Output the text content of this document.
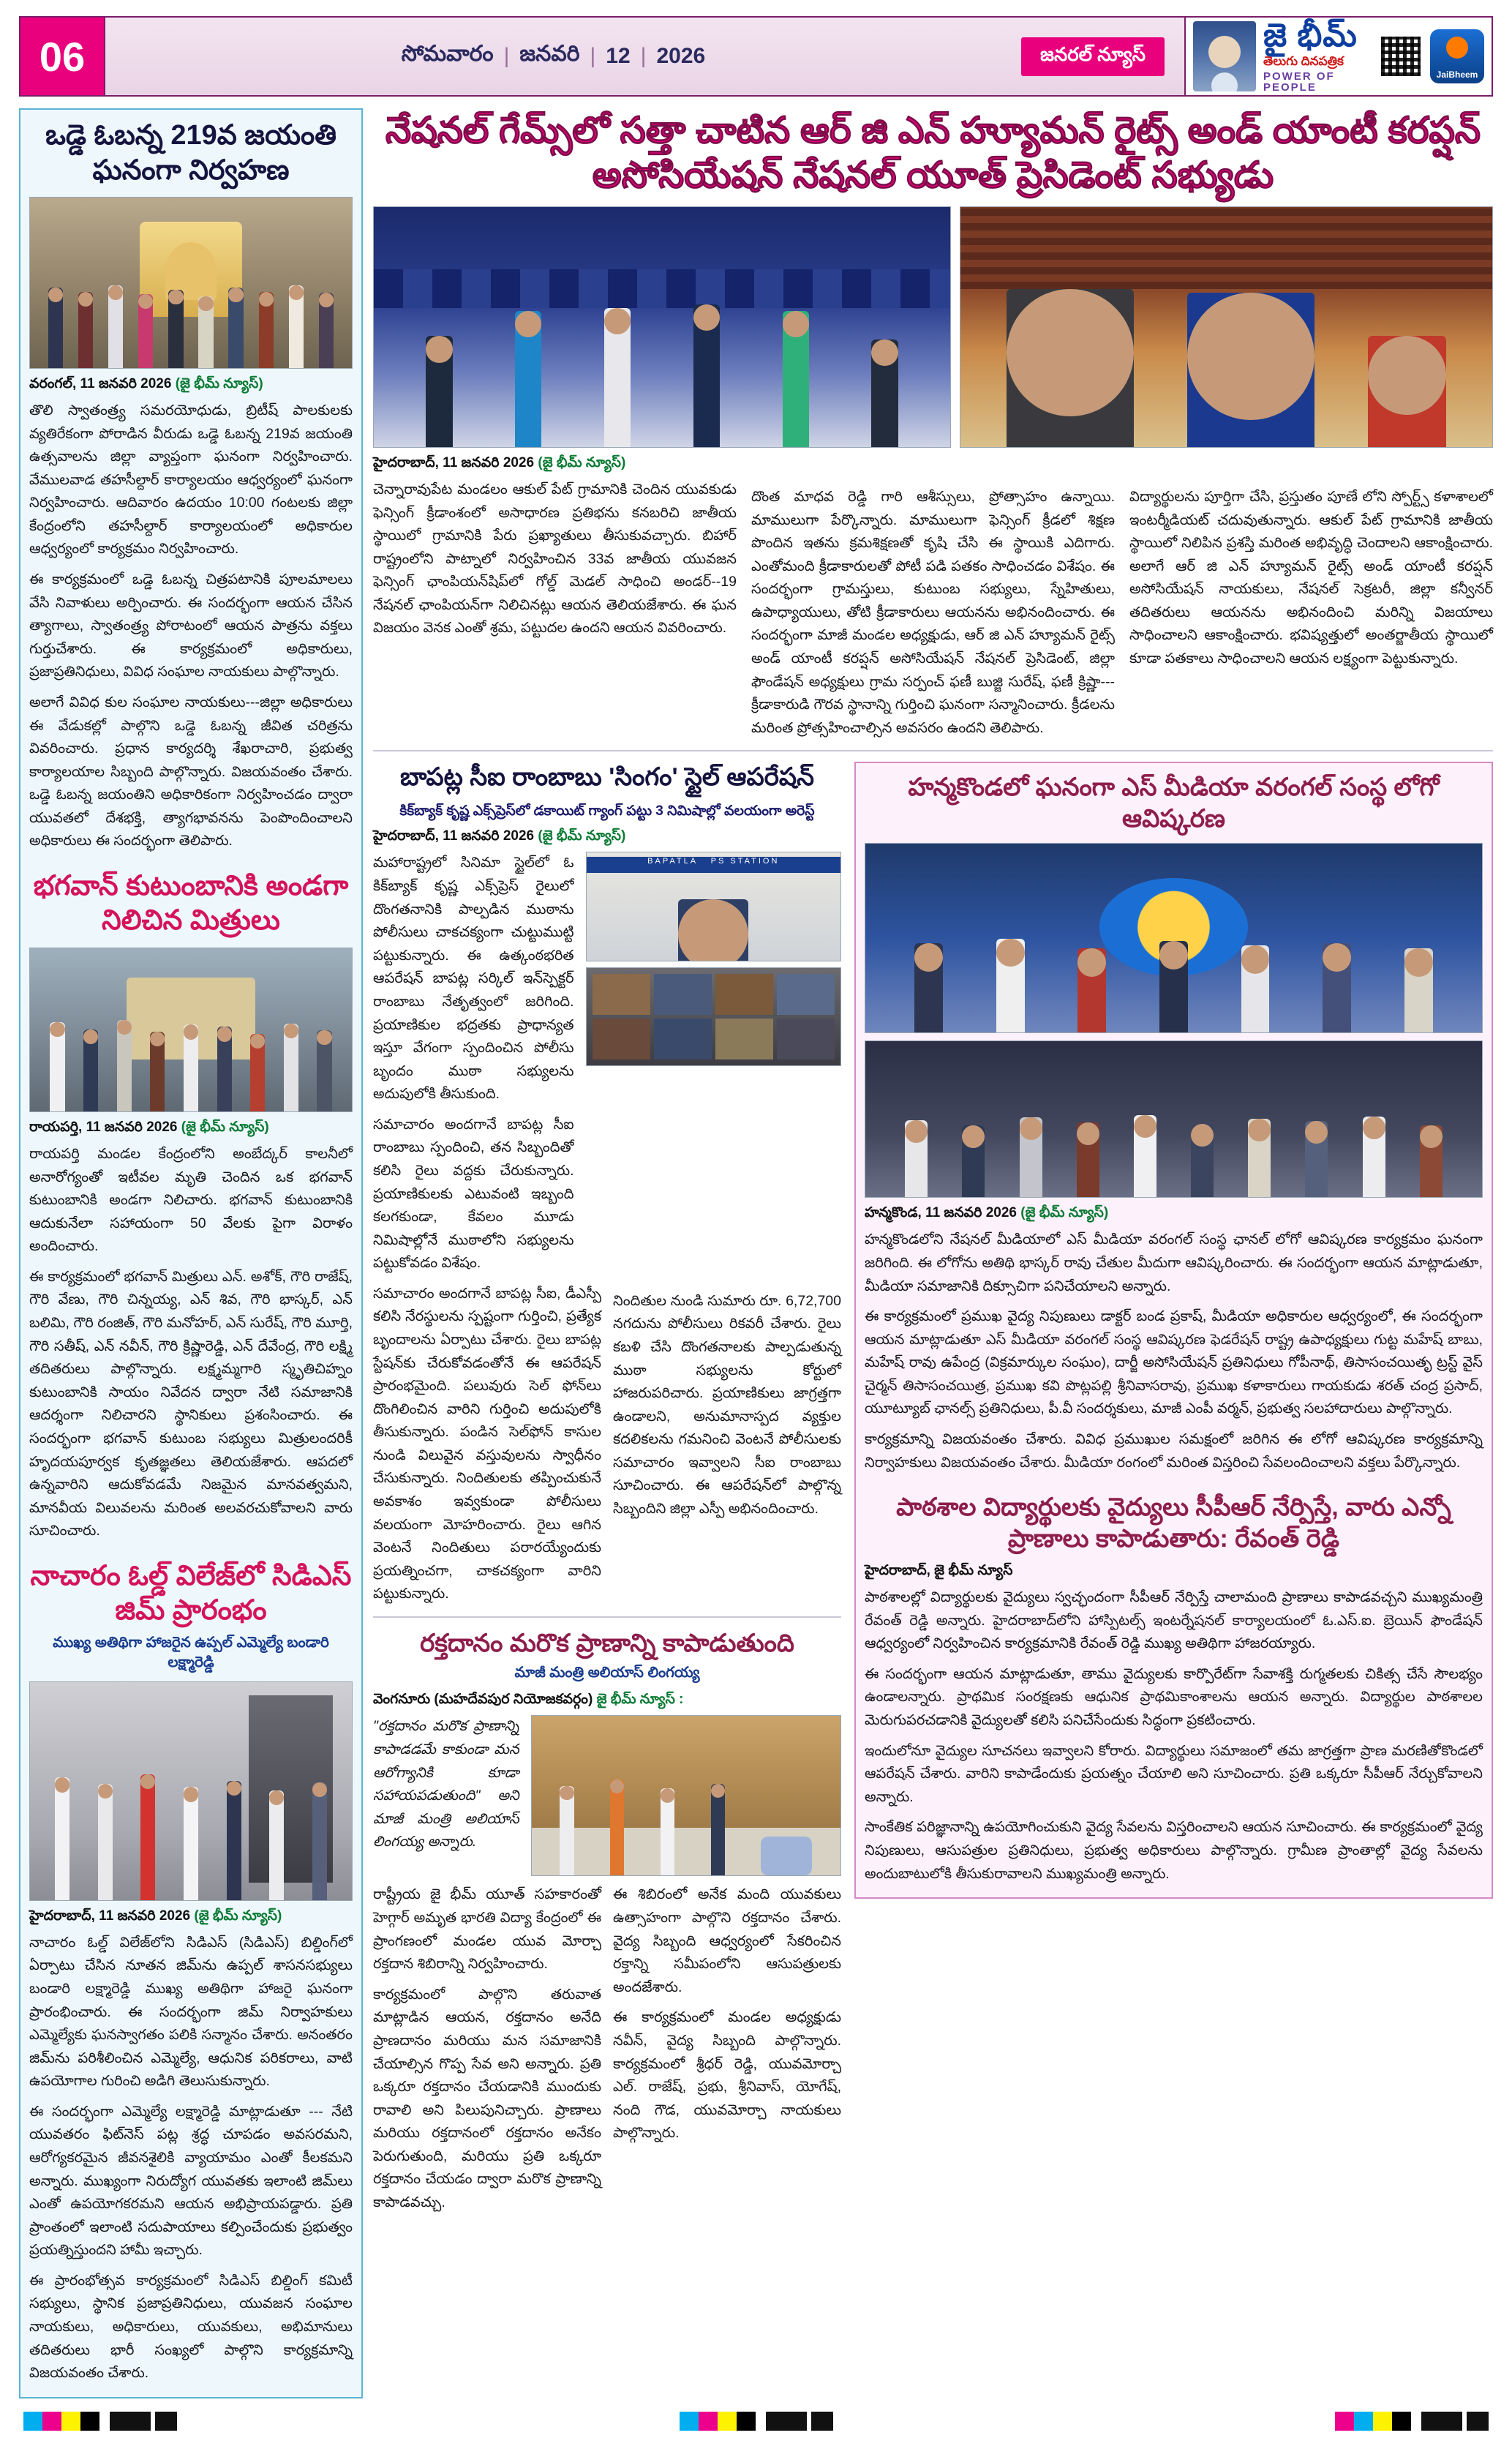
06	సోమవారం | జనవరి | 12 | 2026	జనరల్ న్యూస్
జై భీమ్
తెలుగు దినపత్రిక
POWER OF PEOPLE
JaiBheem
ఒడ్డె ఓబన్న 219వ జయంతి ఘనంగా నిర్వహణ
వరంగల్, 11 జనవరి 2026 (జై భీమ్ న్యూస్)

తొలి స్వాతంత్ర్య సమరయోధుడు, బ్రిటీష్ పాలకులకు వ్యతిరేకంగా పోరాడిన వీరుడు ఒడ్డె ఓబన్న 219వ జయంతి ఉత్సవాలను జిల్లా వ్యాప్తంగా ఘనంగా నిర్వహించారు. వేములవాడ తహసీల్దార్ కార్యాలయం ఆధ్వర్యంలో ఘనంగా నిర్వహించారు. ఆదివారం ఉదయం 10:00 గంటలకు జిల్లా కేంద్రంలోని తహసీల్దార్ కార్యాలయంలో అధికారుల ఆధ్వర్యంలో కార్యక్రమం నిర్వహించారు.

ఈ కార్యక్రమంలో ఒడ్డె ఓబన్న చిత్రపటానికి పూలమాలలు వేసి నివాళులు అర్పించారు. ఈ సందర్భంగా ఆయన చేసిన త్యాగాలు, స్వాతంత్ర్య పోరాటంలో ఆయన పాత్రను వక్తలు గుర్తుచేశారు. ఈ కార్యక్రమంలో అధికారులు, ప్రజాప్రతినిధులు, వివిధ సంఘాల నాయకులు పాల్గొన్నారు.

అలాగే వివిధ కుల సంఘాల నాయకులు---జిల్లా అధికారులు ఈ వేడుకల్లో పాల్గొని ఒడ్డె ఓబన్న జీవిత చరిత్రను వివరించారు. ప్రధాన కార్యదర్శి శేఖరాచారి, ప్రభుత్వ కార్యాలయాల సిబ్బంది పాల్గొన్నారు. విజయవంతం చేశారు. ఒడ్డె ఓబన్న జయంతిని అధికారికంగా నిర్వహించడం ద్వారా యువతలో దేశభక్తి, త్యాగభావనను పెంపొందించాలని అధికారులు ఈ సందర్భంగా తెలిపారు.

భగవాన్ కుటుంబానికి అండగా నిలిచిన మిత్రులు
రాయపర్తి, 11 జనవరి 2026 (జై భీమ్ న్యూస్)

రాయపర్తి మండల కేంద్రంలోని అంబేద్కర్ కాలనీలో అనారోగ్యంతో ఇటీవల మృతి చెందిన ఒక భగవాన్ కుటుంబానికి అండగా నిలిచారు. భగవాన్ కుటుంబానికి ఆదుకునేలా సహాయంగా 50 వేలకు పైగా విరాళం అందించారు.

ఈ కార్యక్రమంలో భగవాన్ మిత్రులు ఎన్. అశోక్, గౌరి రాజేష్, గౌరి వేణు, గౌరి చిన్నయ్య, ఎన్ శివ, గౌరి భాస్కర్, ఎన్ బలిమి, గౌరి రంజిత్, గౌరి మనోహర్, ఎన్ సురేష్, గౌరి మూర్తి, గౌరి సతీష్, ఎన్ నవీన్, గౌరి క్రిష్ణారెడ్డి, ఎన్ దేవేంద్ర, గౌరి లక్ష్మి తదితరులు పాల్గొన్నారు. లక్ష్మమ్మగారి స్మృతిచిహ్నం కుటుంబానికి సాయం నివేదన ద్వారా నేటి సమాజానికి ఆదర్శంగా నిలిచారని స్థానికులు ప్రశంసించారు. ఈ సందర్భంగా భగవాన్ కుటుంబ సభ్యులు మిత్రులందరికీ హృదయపూర్వక కృతజ్ఞతలు తెలియజేశారు. ఆపదలో ఉన్నవారిని ఆదుకోవడమే నిజమైన మానవత్వమని, మానవీయ విలువలను మరింత అలవరచుకోవాలని వారు సూచించారు.

నాచారం ఓల్డ్ విలేజ్‌లో సిడిఎస్ జిమ్ ప్రారంభం
ముఖ్య అతిథిగా హాజరైన ఉప్పల్ ఎమ్మెల్యే బండారి లక్ష్మారెడ్డి
హైదరాబాద్, 11 జనవరి 2026 (జై భీమ్ న్యూస్)

నాచారం ఓల్డ్ విలేజ్‌లోని సిడిఎస్ (సిడిఎస్) బిల్డింగ్‌లో ఏర్పాటు చేసిన నూతన జిమ్‌ను ఉప్పల్ శాసనసభ్యులు బండారి లక్ష్మారెడ్డి ముఖ్య అతిథిగా హాజరై ఘనంగా ప్రారంభించారు. ఈ సందర్భంగా జిమ్ నిర్వాహకులు ఎమ్మెల్యేకు ఘనస్వాగతం పలికి సన్మానం చేశారు. అనంతరం జిమ్‌ను పరిశీలించిన ఎమ్మెల్యే, ఆధునిక పరికరాలు, వాటి ఉపయోగాల గురించి అడిగి తెలుసుకున్నారు.

ఈ సందర్భంగా ఎమ్మెల్యే లక్ష్మారెడ్డి మాట్లాడుతూ --- నేటి యువతరం ఫిట్‌నెస్ పట్ల శ్రద్ధ చూపడం అవసరమని, ఆరోగ్యకరమైన జీవనశైలికి వ్యాయామం ఎంతో కీలకమని అన్నారు. ముఖ్యంగా నిరుద్యోగ యువతకు ఇలాంటి జిమ్‌లు ఎంతో ఉపయోగకరమని ఆయన అభిప్రాయపడ్డారు. ప్రతి ప్రాంతంలో ఇలాంటి సదుపాయాలు కల్పించేందుకు ప్రభుత్వం ప్రయత్నిస్తుందని హామీ ఇచ్చారు.

ఈ ప్రారంభోత్సవ కార్యక్రమంలో సిడిఎస్ బిల్డింగ్ కమిటీ సభ్యులు, స్థానిక ప్రజాప్రతినిధులు, యువజన సంఘాల నాయకులు, అధికారులు, యువకులు, అభిమానులు తదితరులు భారీ సంఖ్యలో పాల్గొని కార్యక్రమాన్ని విజయవంతం చేశారు.

నేషనల్ గేమ్స్‌లో సత్తా చాటిన ఆర్ జి ఎన్ హ్యూమన్ రైట్స్ అండ్ యాంటీ కరప్షన్ అసోసియేషన్ నేషనల్ యూత్ ప్రెసిడెంట్ సభ్యుడు
హైదరాబాద్, 11 జనవరి 2026 (జై భీమ్ న్యూస్)

చెన్నారావుపేట మండలం ఆకుల్ పేట్ గ్రామానికి చెందిన యువకుడు ఫెన్సింగ్ క్రీడాంశంలో అసాధారణ ప్రతిభను కనబరిచి జాతీయ స్థాయిలో గ్రామానికి పేరు ప్రఖ్యాతులు తీసుకువచ్చారు. బిహార్ రాష్ట్రంలోని పాట్నాలో నిర్వహించిన 33వ జాతీయ యువజన ఫెన్సింగ్ ఛాంపియన్‌షిప్‌లో గోల్డ్ మెడల్ సాధించి అండర్--19 నేషనల్ ఛాంపియన్‌గా నిలిచినట్లు ఆయన తెలియజేశారు. ఈ ఘన విజయం వెనక ఎంతో శ్రమ, పట్టుదల ఉందని ఆయన వివరించారు.

దొంత మాధవ రెడ్డి గారి ఆశీస్సులు, ప్రోత్సాహం ఉన్నాయి. మాములుగా పేర్కొన్నారు. మాములుగా ఫెన్సింగ్ క్రీడలో శిక్షణ పొందిన ఇతను క్రమశిక్షణతో కృషి చేసి ఈ స్థాయికి ఎదిగారు. ఎంతోమంది క్రీడాకారులతో పోటీ పడి పతకం సాధించడం విశేషం. ఈ సందర్భంగా గ్రామస్తులు, కుటుంబ సభ్యులు, స్నేహితులు, ఉపాధ్యాయులు, తోటి క్రీడాకారులు ఆయనను అభినందించారు. ఈ సందర్భంగా మాజీ మండల అధ్యక్షుడు, ఆర్ జి ఎన్ హ్యూమన్ రైట్స్ అండ్ యాంటీ కరప్షన్ అసోసియేషన్ నేషనల్ ప్రెసిడెంట్, జిల్లా ఫౌండేషన్ అధ్యక్షులు గ్రామ సర్పంచ్ ఫణీ బుజ్జి సురేష్, ఫణీ క్రిష్ణా--- క్రీడాకారుడి గౌరవ స్థానాన్ని గుర్తించి ఘనంగా సన్మానించారు. క్రీడలను మరింత ప్రోత్సహించాల్సిన అవసరం ఉందని తెలిపారు.

విద్యార్థులను పూర్తిగా చేసి, ప్రస్తుతం పూణే లోని స్పోర్ట్స్ కళాశాలలో ఇంటర్మీడియట్ చదువుతున్నారు. ఆకుల్ పేట్ గ్రామానికి జాతీయ స్థాయిలో నిలిపిన ప్రశస్తి మరింత అభివృద్ధి చెందాలని ఆకాంక్షించారు. అలాగే ఆర్ జి ఎన్ హ్యూమన్ రైట్స్ అండ్ యాంటీ కరప్షన్ అసోసియేషన్ నాయకులు, నేషనల్ సెక్రటరీ, జిల్లా కన్వీనర్ తదితరులు ఆయనను అభినందించి మరిన్ని విజయాలు సాధించాలని ఆకాంక్షించారు. భవిష్యత్తులో అంతర్జాతీయ స్థాయిలో కూడా పతకాలు సాధించాలని ఆయన లక్ష్యంగా పెట్టుకున్నారు.

బాపట్ల సీఐ రాంబాబు 'సింగం' స్టైల్ ఆపరేషన్
కిక్‌బ్యాక్ కృష్ణ ఎక్స్‌ప్రెస్‌లో డకాయిట్ గ్యాంగ్ పట్టు 3 నిమిషాల్లో వలయంగా అరెస్ట్
హైదరాబాద్, 11 జనవరి 2026 (జై భీమ్ న్యూస్)

మహారాష్ట్రలో సినిమా స్టైల్‌లో ఓ కిక్‌బ్యాక్ కృష్ణ ఎక్స్‌ప్రెస్ రైలులో దొంగతనానికి పాల్పడిన ముఠాను పోలీసులు చాకచక్యంగా చుట్టుముట్టి పట్టుకున్నారు. ఈ ఉత్కంఠభరిత ఆపరేషన్ బాపట్ల సర్కిల్ ఇన్‌స్పెక్టర్ రాంబాబు నేతృత్వంలో జరిగింది. ప్రయాణికుల భద్రతకు ప్రాధాన్యత ఇస్తూ వేగంగా స్పందించిన పోలీసు బృందం ముఠా సభ్యులను అదుపులోకి తీసుకుంది.

సమాచారం అందగానే బాపట్ల సీఐ రాంబాబు స్పందించి, తన సిబ్బందితో కలిసి రైలు వద్దకు చేరుకున్నారు. ప్రయాణికులకు ఎటువంటి ఇబ్బంది కలగకుండా, కేవలం మూడు నిమిషాల్లోనే ముఠాలోని సభ్యులను పట్టుకోవడం విశేషం.

BAPATLA   PS STATION

సమాచారం అందగానే బాపట్ల సీఐ, డీఎస్పీ కలిసి నేరస్థులను స్పష్టంగా గుర్తించి, ప్రత్యేక బృందాలను ఏర్పాటు చేశారు. రైలు బాపట్ల స్టేషన్‌కు చేరుకోవడంతోనే ఈ ఆపరేషన్ ప్రారంభమైంది. పలువురు సెల్ ఫోన్‌లు దొంగిలించిన వారిని గుర్తించి అదుపులోకి తీసుకున్నారు. పండిన సెల్‌ఫోన్ కాసుల నుండి విలువైన వస్తువులను స్వాధీనం చేసుకున్నారు. నిందితులకు తప్పించుకునే అవకాశం ఇవ్వకుండా పోలీసులు వలయంగా మోహరించారు. రైలు ఆగిన వెంటనే నిందితులు పరారయ్యేందుకు ప్రయత్నించగా, చాకచక్యంగా వారిని పట్టుకున్నారు.

నిందితుల నుండి సుమారు రూ. 6,72,700 నగదును పోలీసులు రికవరీ చేశారు. రైలు కబళి చేసి దొంగతనాలకు పాల్పడుతున్న ముఠా సభ్యులను కోర్టులో హాజరుపరిచారు. ప్రయాణికులు జాగ్రత్తగా ఉండాలని, అనుమానాస్పద వ్యక్తుల కదలికలను గమనించి వెంటనే పోలీసులకు సమాచారం ఇవ్వాలని సీఐ రాంబాబు సూచించారు. ఈ ఆపరేషన్‌లో పాల్గొన్న సిబ్బందిని జిల్లా ఎస్పీ అభినందించారు.

రక్తదానం మరొక ప్రాణాన్ని కాపాడుతుంది
మాజీ మంత్రి అలియాస్ లింగయ్య
వెంగనూరు (మహదేవపుర నియోజకవర్గం) జై భీమ్ న్యూస్ :

"రక్తదానం మరొక ప్రాణాన్ని కాపాడడమే కాకుండా మన ఆరోగ్యానికి కూడా సహాయపడుతుంది" అని మాజీ మంత్రి అలియాస్ లింగయ్య అన్నారు.

రాష్ట్రీయ జై భీమ్ యూత్ సహకారంతో హెగ్గార్ అమృత భారతి విద్యా కేంద్రంలో ఈ ప్రాంగణంలో మండల యువ మోర్చా రక్తదాన శిబిరాన్ని నిర్వహించారు.

కార్యక్రమంలో పాల్గొని తరువాత మాట్లాడిన ఆయన, రక్తదానం అనేది ప్రాణదానం మరియు మన సమాజానికి చేయాల్సిన గొప్ప సేవ అని అన్నారు. ప్రతి ఒక్కరూ రక్తదానం చేయడానికి ముందుకు రావాలి అని పిలుపునిచ్చారు. ప్రాణాలు మరియు రక్తదానంలో రక్తదానం అనేకం పెరుగుతుంది, మరియు ప్రతి ఒక్కరూ రక్తదానం చేయడం ద్వారా మరొక ప్రాణాన్ని కాపాడవచ్చు.

ఈ శిబిరంలో అనేక మంది యువకులు ఉత్సాహంగా పాల్గొని రక్తదానం చేశారు. వైద్య సిబ్బంది ఆధ్వర్యంలో సేకరించిన రక్తాన్ని సమీపంలోని ఆసుపత్రులకు అందజేశారు.

ఈ కార్యక్రమంలో మండల అధ్యక్షుడు నవీన్, వైద్య సిబ్బంది పాల్గొన్నారు. కార్యక్రమంలో శ్రీధర్ రెడ్డి, యువమోర్చా ఎల్. రాజేష్, ప్రభు, శ్రీనివాస్, యోగేష్, నంది గౌడ, యువమోర్చా నాయకులు పాల్గొన్నారు.

హన్మకొండలో ఘనంగా ఎస్ మీడియా వరంగల్ సంస్థ లోగో ఆవిష్కరణ
హన్మకొండ, 11 జనవరి 2026 (జై భీమ్ న్యూస్)

హన్మకొండలోని నేషనల్ మీడియాలో ఎస్ మీడియా వరంగల్ సంస్థ ఛానల్ లోగో ఆవిష్కరణ కార్యక్రమం ఘనంగా జరిగింది. ఈ లోగోను అతిథి భాస్కర్ రావు చేతుల మీదుగా ఆవిష్కరించారు. ఈ సందర్భంగా ఆయన మాట్లాడుతూ, మీడియా సమాజానికి దిక్సూచిగా పనిచేయాలని అన్నారు.

ఈ కార్యక్రమంలో ప్రముఖ వైద్య నిపుణులు డాక్టర్ బండ ప్రకాష్, మీడియా అధికారుల ఆధ్వర్యంలో, ఈ సందర్భంగా ఆయన మాట్లాడుతూ ఎస్ మీడియా వరంగల్ సంస్థ ఆవిష్కరణ ఫెడరేషన్ రాష్ట్ర ఉపాధ్యక్షులు గుట్ట మహేష్ బాబు, మహేష్ రావు ఉపేంద్ర (విక్రమార్కుల సంఘం), దార్జీ అసోసియేషన్ ప్రతినిధులు గోపీనాథ్, తిసాసంచయితృ ట్రస్ట్ వైస్ చైర్మన్ తిసాసంచయిత్ర, ప్రముఖ కవి పొట్లపల్లి శ్రీనివాసరావు, ప్రముఖ కళాకారులు గాయకుడు శరత్ చంద్ర ప్రసాద్, యూట్యూబ్ ఛానల్స్ ప్రతినిధులు, పీ.వీ సందర్శకులు, మాజీ ఎంపీ వర్మన్, ప్రభుత్వ సలహాదారులు పాల్గొన్నారు.

కార్యక్రమాన్ని విజయవంతం చేశారు. వివిధ ప్రముఖుల సమక్షంలో జరిగిన ఈ లోగో ఆవిష్కరణ కార్యక్రమాన్ని నిర్వాహకులు విజయవంతం చేశారు. మీడియా రంగంలో మరింత విస్తరించి సేవలందించాలని వక్తలు పేర్కొన్నారు.

పాఠశాల విద్యార్థులకు వైద్యులు సీపీఆర్ నేర్పిస్తే, వారు ఎన్నో ప్రాణాలు కాపాడుతారు: రేవంత్ రెడ్డి
హైదరాబాద్, జై భీమ్ న్యూస్

పాఠశాలల్లో విద్యార్థులకు వైద్యులు స్వచ్ఛందంగా సీపీఆర్ నేర్పిస్తే చాలామంది ప్రాణాలు కాపాడవచ్చని ముఖ్యమంత్రి రేవంత్ రెడ్డి అన్నారు. హైదరాబాద్‌లోని హాస్పిటల్స్ ఇంటర్నేషనల్ కార్యాలయంలో ఓ.ఎస్.ఐ. బ్రెయిన్ ఫౌండేషన్ ఆధ్వర్యంలో నిర్వహించిన కార్యక్రమానికి రేవంత్ రెడ్డి ముఖ్య అతిథిగా హాజరయ్యారు.

ఈ సందర్భంగా ఆయన మాట్లాడుతూ, తాము వైద్యులకు కార్పొరేట్‌గా సేవాశక్తి రుగ్మతలకు చికిత్స చేసే సౌలభ్యం ఉండాలన్నారు. ప్రాథమిక సంరక్షణకు ఆధునిక ప్రాథమికాంశాలను ఆయన అన్నారు. విద్యార్థుల పాఠశాలల మెరుగుపరచడానికి వైద్యులతో కలిసి పనిచేసేందుకు సిద్ధంగా ప్రకటించారు.

ఇందులోనూ వైద్యుల సూచనలు ఇవ్వాలని కోరారు. విద్యార్థులు సమాజంలో తమ జాగ్రత్తగా ప్రాణ మరణితోకొండలో ఆపరేషన్ చేశారు. వారిని కాపాడేందుకు ప్రయత్నం చేయాలి అని సూచించారు. ప్రతి ఒక్కరూ సీపీఆర్ నేర్చుకోవాలని అన్నారు.

సాంకేతిక పరిజ్ఞానాన్ని ఉపయోగించుకుని వైద్య సేవలను విస్తరించాలని ఆయన సూచించారు. ఈ కార్యక్రమంలో వైద్య నిపుణులు, ఆసుపత్రుల ప్రతినిధులు, ప్రభుత్వ అధికారులు పాల్గొన్నారు. గ్రామీణ ప్రాంతాల్లో వైద్య సేవలను అందుబాటులోకి తీసుకురావాలని ముఖ్యమంత్రి అన్నారు.
